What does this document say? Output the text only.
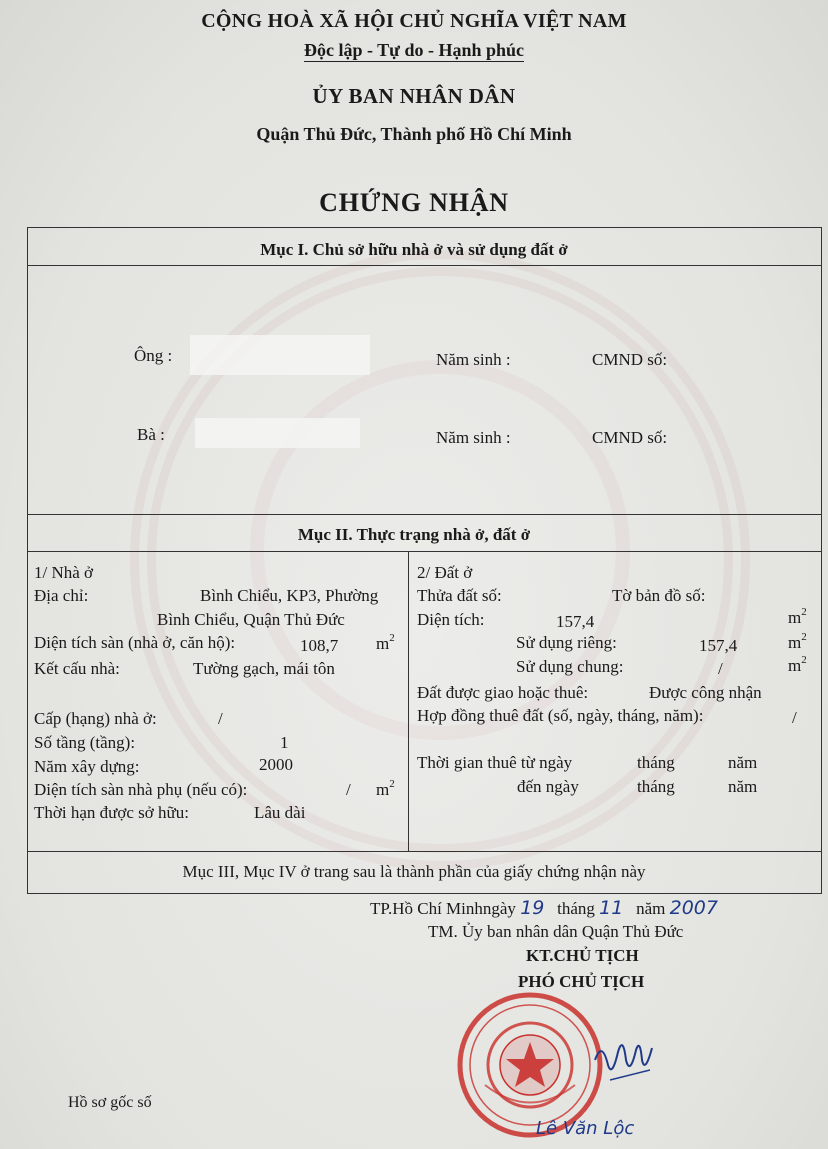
CỘNG HOÀ XÃ HỘI CHỦ NGHĨA VIỆT NAM
Độc lập - Tự do - Hạnh phúc
ỦY BAN NHÂN DÂN
Quận Thủ Đức, Thành phố Hồ Chí Minh
CHỨNG NHẬN
Mục I. Chủ sở hữu nhà ở và sử dụng đất ở
Ông :	Năm sinh :	CMND số:
Bà :	Năm sinh :	CMND số:
Mục II. Thực trạng nhà ở, đất ở
1/ Nhà ở
Địa chỉ:	Bình Chiểu, KP3, Phường
Bình Chiểu, Quận Thủ Đức
Diện tích sàn (nhà ở, căn hộ):	108,7 $m^2$
Kết cấu nhà:	Tường gạch, mái tôn
Cấp (hạng) nhà ở:	/
Số tầng (tầng):	1
Năm xây dựng:	2000
Diện tích sàn nhà phụ (nếu có):	/ $m^2$
Thời hạn được sở hữu:	Lâu dài
2/ Đất ở
Thửa đất số:	Tờ bản đồ số:
Diện tích:	157,4	$m^2$
Sử dụng riêng:	157,4	$m^2$
Sử dụng chung:	/	$m^2$
Đất được giao hoặc thuê:	Được công nhận
Hợp đồng thuê đất (số, ngày, tháng, năm):	/
Thời gian thuê từ ngày	tháng	năm
đến ngày	tháng	năm
Mục III, Mục IV ở trang sau là thành phần của giấy chứng nhận này
TP.Hồ Chí Minhngày 19 tháng 11 năm 2007
TM. Ủy ban nhân dân Quận Thủ Đức
KT.CHỦ TỊCH
PHÓ CHỦ TỊCH
Lê Văn Lộc
Hồ sơ gốc số
